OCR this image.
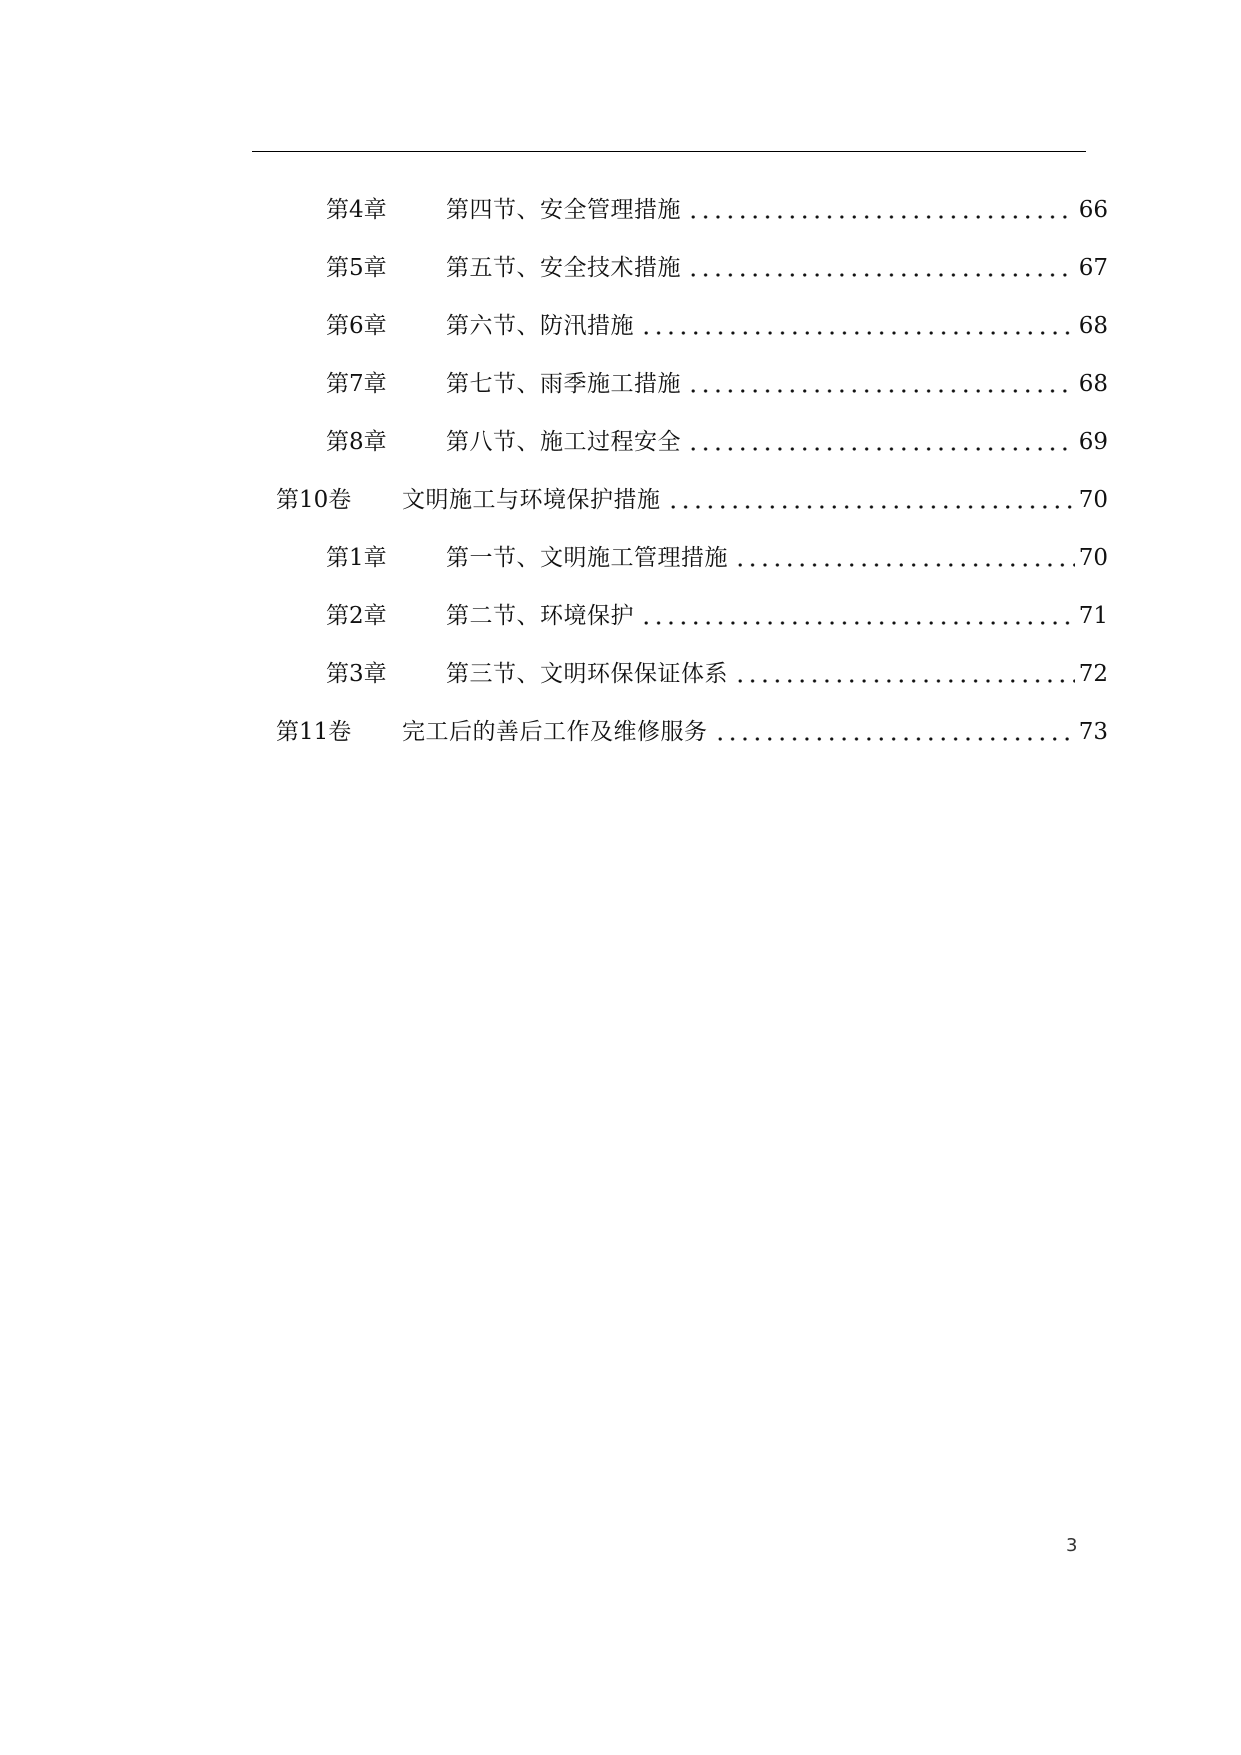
第4章	第四节、安全管理措施	66
第5章	第五节、安全技术措施	67
第6章	第六节、防汛措施	68
第7章	第七节、雨季施工措施	68
第8章	第八节、施工过程安全	69
第10卷	文明施工与环境保护措施	70
第1章	第一节、文明施工管理措施	70
第2章	第二节、环境保护	71
第3章	第三节、文明环保保证体系	72
第11卷	完工后的善后工作及维修服务	73
3
